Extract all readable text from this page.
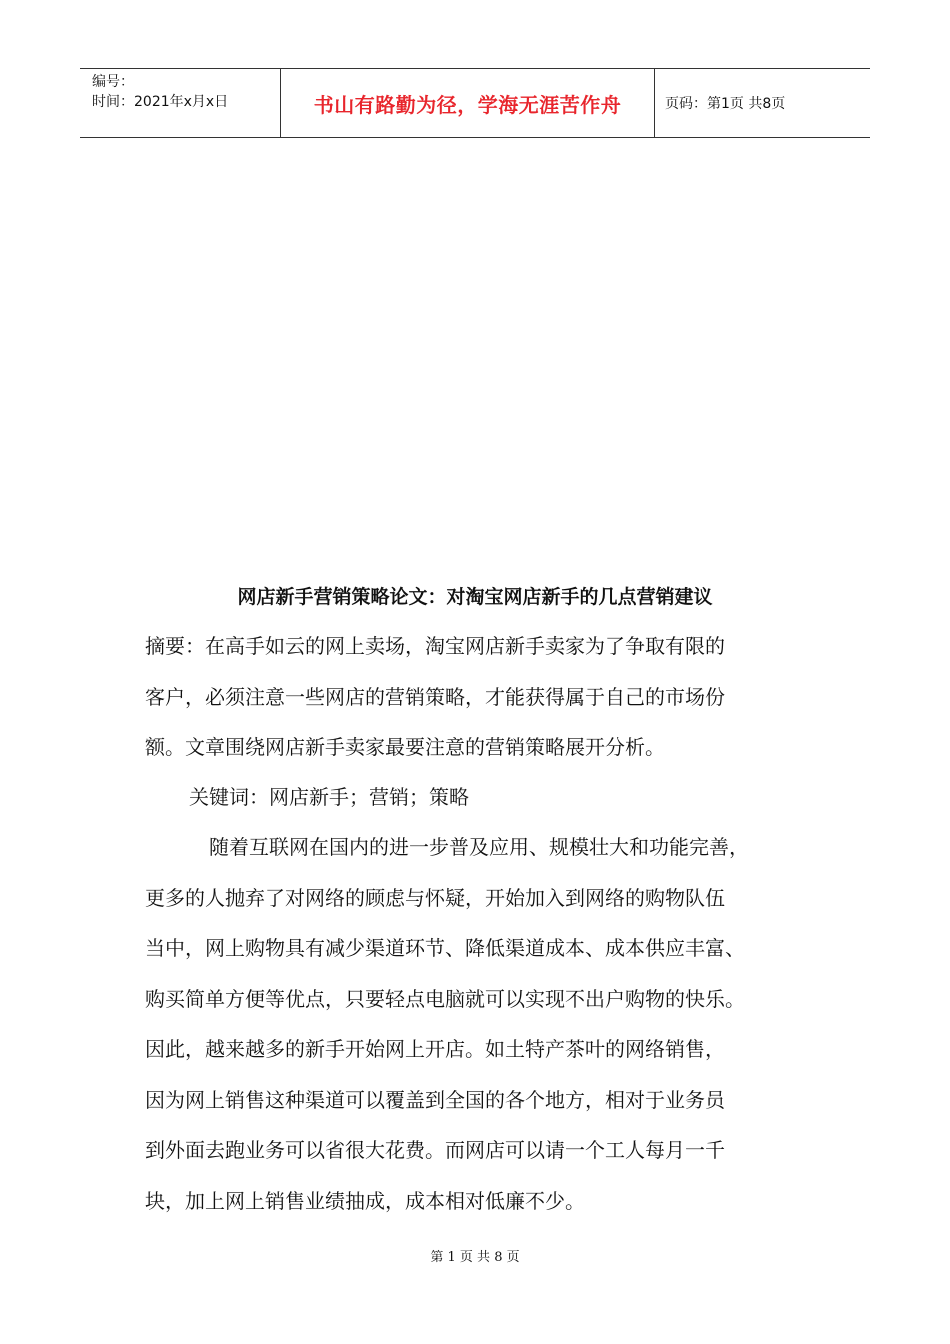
编号：
时间：2021年x月x日	书山有路勤为径，学海无涯苦作舟	页码：第1页 共8页
网店新手营销策略论文：对淘宝网店新手的几点营销建议

摘要：在高手如云的网上卖场，淘宝网店新手卖家为了争取有限的

客户，必须注意一些网店的营销策略，才能获得属于自己的市场份

额。文章围绕网店新手卖家最要注意的营销策略展开分析。

关键词：网店新手；营销；策略

随着互联网在国内的进一步普及应用、规模壮大和功能完善，

更多的人抛弃了对网络的顾虑与怀疑，开始加入到网络的购物队伍

当中，网上购物具有减少渠道环节、降低渠道成本、成本供应丰富、

购买简单方便等优点，只要轻点电脑就可以实现不出户购物的快乐。

因此，越来越多的新手开始网上开店。如土特产茶叶的网络销售，

因为网上销售这种渠道可以覆盖到全国的各个地方，相对于业务员

到外面去跑业务可以省很大花费。而网店可以请一个工人每月一千

块，加上网上销售业绩抽成，成本相对低廉不少。

第 1 页 共 8 页
